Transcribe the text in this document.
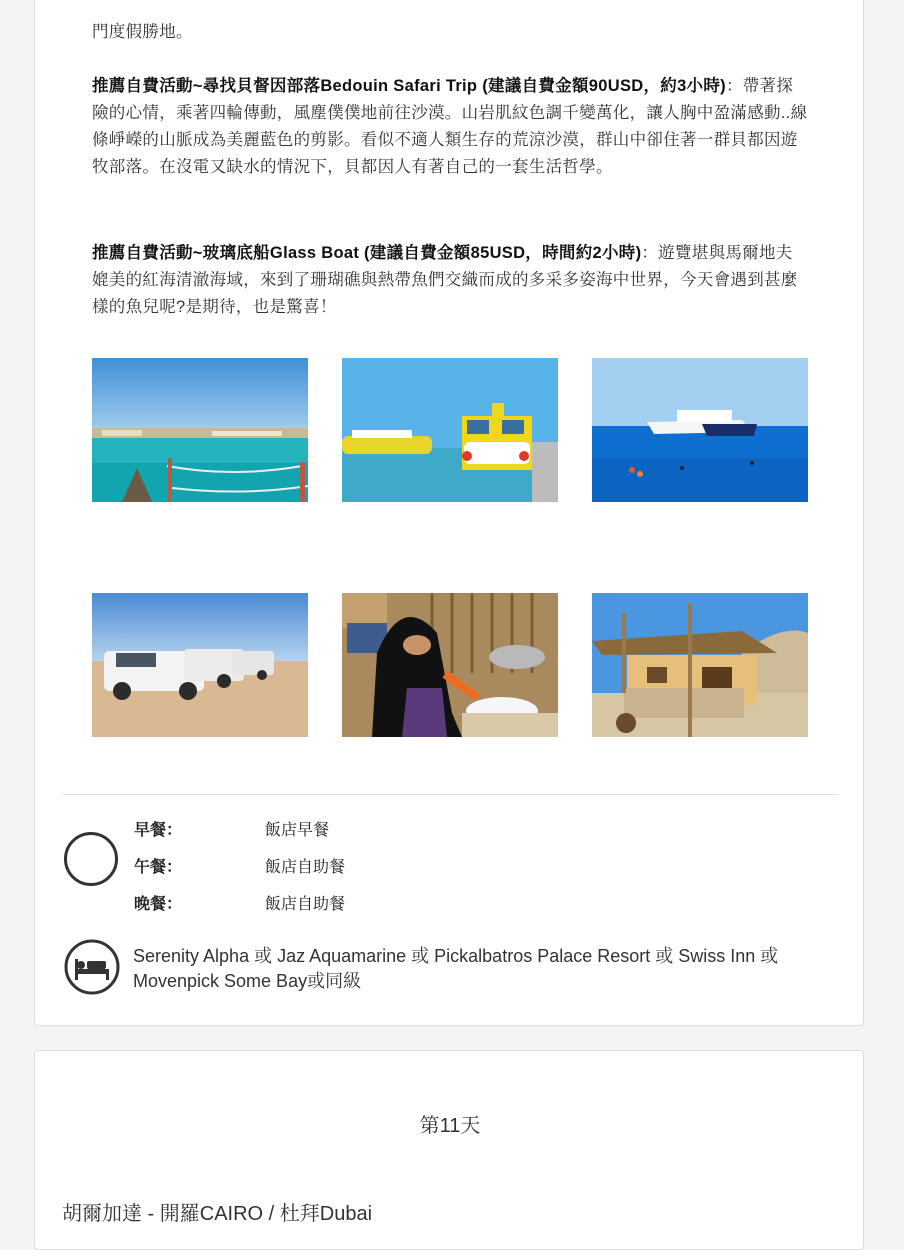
門度假勝地。

推薦自費活動~尋找貝督因部落Bedouin Safari Trip (建議自費金額90USD，約3小時)：帶著探險的心情，乘著四輪傳動，風塵僕僕地前往沙漠。山岩肌紋色調千變萬化，讓人胸中盈滿感動..線條崢嶸的山脈成為美麗藍色的剪影。看似不適人類生存的荒涼沙漠，群山中卻住著一群貝都因遊牧部落。在沒電又缺水的情況下，貝都因人有著自己的一套生活哲學。

推薦自費活動~玻璃底船Glass Boat (建議自費金額85USD，時間約2小時)：遊覽堪與馬爾地夫媲美的紅海清澈海域，來到了珊瑚礁與熱帶魚們交織而成的多采多姿海中世界，今天會遇到甚麼樣的魚兒呢?是期待，也是驚喜！

早餐：	飯店早餐
午餐：	飯店自助餐
晚餐：	飯店自助餐
Serenity Alpha 或 Jaz Aquamarine 或 Pickalbatros Palace Resort 或 Swiss Inn 或 Movenpick Some Bay或同級
第11天
胡爾加達 - 開羅CAIRO / 杜拜Dubai
